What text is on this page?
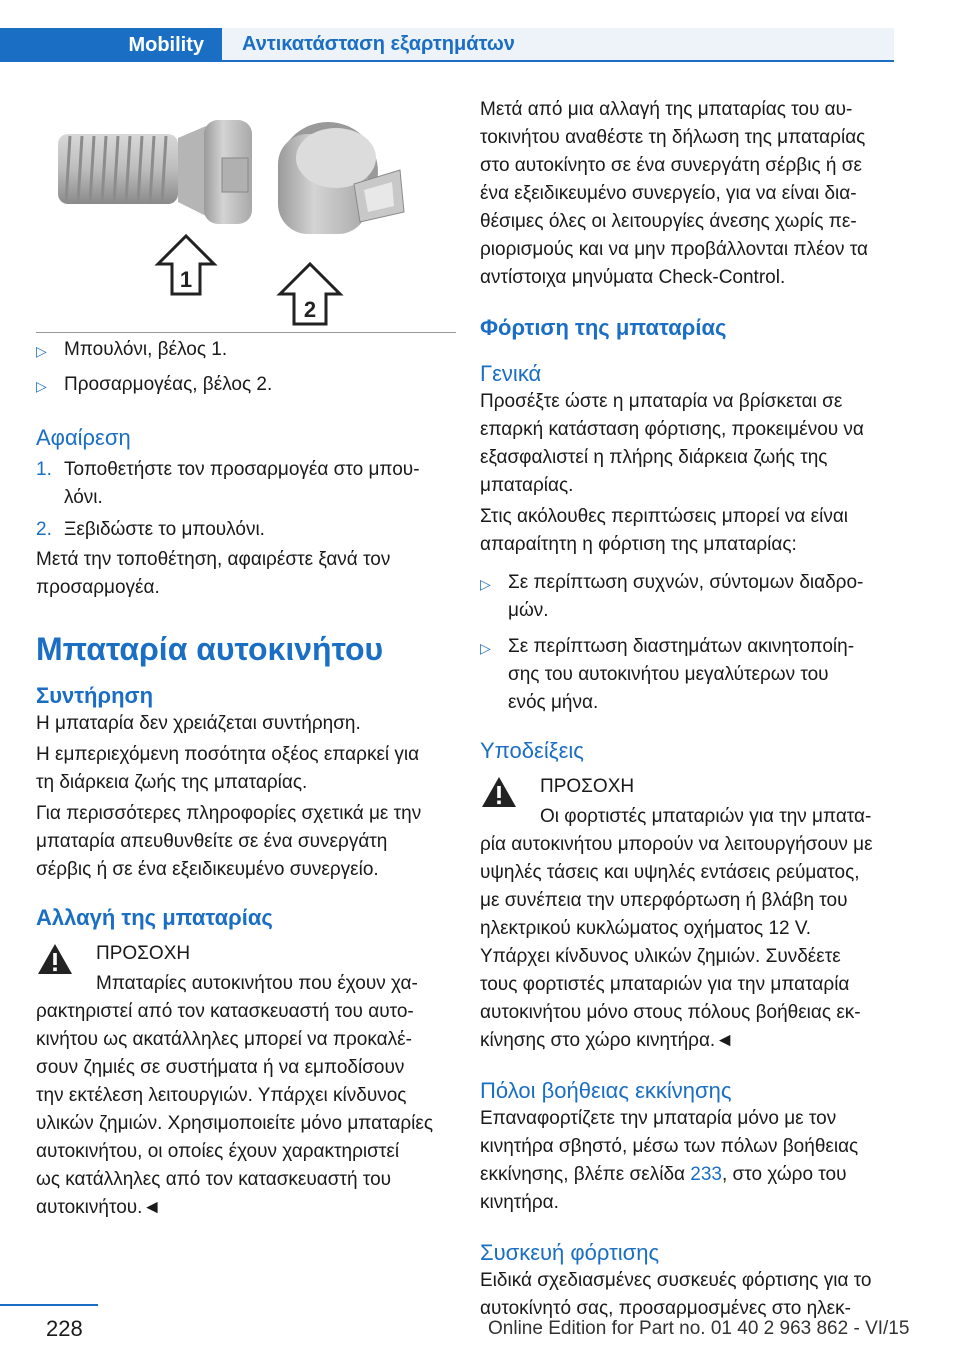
Mobility Αντικατάσταση εξαρτημάτων
1
2
▷ Μπουλόνι, βέλος 1.
▷ Προσαρμογέας, βέλος 2.
Αφαίρεση
1. Τοποθετήστε τον προσαρμογέα στο μπου-
λόνι.
2. Ξεβιδώστε το μπουλόνι.

Μετά την τοποθέτηση, αφαιρέστε ξανά τον
προσαρμογέα.

Μπαταρία αυτοκινήτου
Συντήρηση

Η μπαταρία δεν χρειάζεται συντήρηση.

Η εμπεριεχόμενη ποσότητα οξέος επαρκεί για
τη διάρκεια ζωής της μπαταρίας.

Για περισσότερες πληροφορίες σχετικά με την
μπαταρία απευθυνθείτε σε ένα συνεργάτη
σέρβις ή σε ένα εξειδικευμένο συνεργείο.

Αλλαγή της μπαταρίας
ΠΡΟΣΟΧΗ
Μπαταρίες αυτοκινήτου που έχουν χα-
ρακτηριστεί από τον κατασκευαστή του αυτο-
κινήτου ως ακατάλληλες μπορεί να προκαλέ-
σουν ζημιές σε συστήματα ή να εμποδίσουν
την εκτέλεση λειτουργιών. Υπάρχει κίνδυνος
υλικών ζημιών. Χρησιμοποιείτε μόνο μπαταρίες
αυτοκινήτου, οι οποίες έχουν χαρακτηριστεί
ως κατάλληλες από τον κατασκευαστή του
αυτοκινήτου.◄

Μετά από μια αλλαγή της μπαταρίας του αυ-
τοκινήτου αναθέστε τη δήλωση της μπαταρίας
στο αυτοκίνητο σε ένα συνεργάτη σέρβις ή σε
ένα εξειδικευμένο συνεργείο, για να είναι δια-
θέσιμες όλες οι λειτουργίες άνεσης χωρίς πε-
ριορισμούς και να μην προβάλλονται πλέον τα
αντίστοιχα μηνύματα Check-Control.

Φόρτιση της μπαταρίας
Γενικά

Προσέξτε ώστε η μπαταρία να βρίσκεται σε
επαρκή κατάσταση φόρτισης, προκειμένου να
εξασφαλιστεί η πλήρης διάρκεια ζωής της
μπαταρίας.

Στις ακόλουθες περιπτώσεις μπορεί να είναι
απαραίτητη η φόρτιση της μπαταρίας:

▷ Σε περίπτωση συχνών, σύντομων διαδρο-
μών.
▷ Σε περίπτωση διαστημάτων ακινητοποίη-
σης του αυτοκινήτου μεγαλύτερων του
ενός μήνα.
Υποδείξεις
ΠΡΟΣΟΧΗ
Οι φορτιστές μπαταριών για την μπατα-
ρία αυτοκινήτου μπορούν να λειτουργήσουν με
υψηλές τάσεις και υψηλές εντάσεις ρεύματος,
με συνέπεια την υπερφόρτωση ή βλάβη του
ηλεκτρικού κυκλώματος οχήματος 12 V.
Υπάρχει κίνδυνος υλικών ζημιών. Συνδέετε
τους φορτιστές μπαταριών για την μπαταρία
αυτοκινήτου μόνο στους πόλους βοήθειας εκ-
κίνησης στο χώρο κινητήρα.◄
Πόλοι βοήθειας εκκίνησης

Επαναφορτίζετε την μπαταρία μόνο με τον
κινητήρα σβηστό, μέσω των πόλων βοήθειας
εκκίνησης, βλέπε σελίδα 233, στο χώρο του
κινητήρα.

Συσκευή φόρτισης

Ειδικά σχεδιασμένες συσκευές φόρτισης για το
αυτοκίνητό σας, προσαρμοσμένες στο ηλεκ-

228	Online Edition for Part no. 01 40 2 963 862 - VI/15
